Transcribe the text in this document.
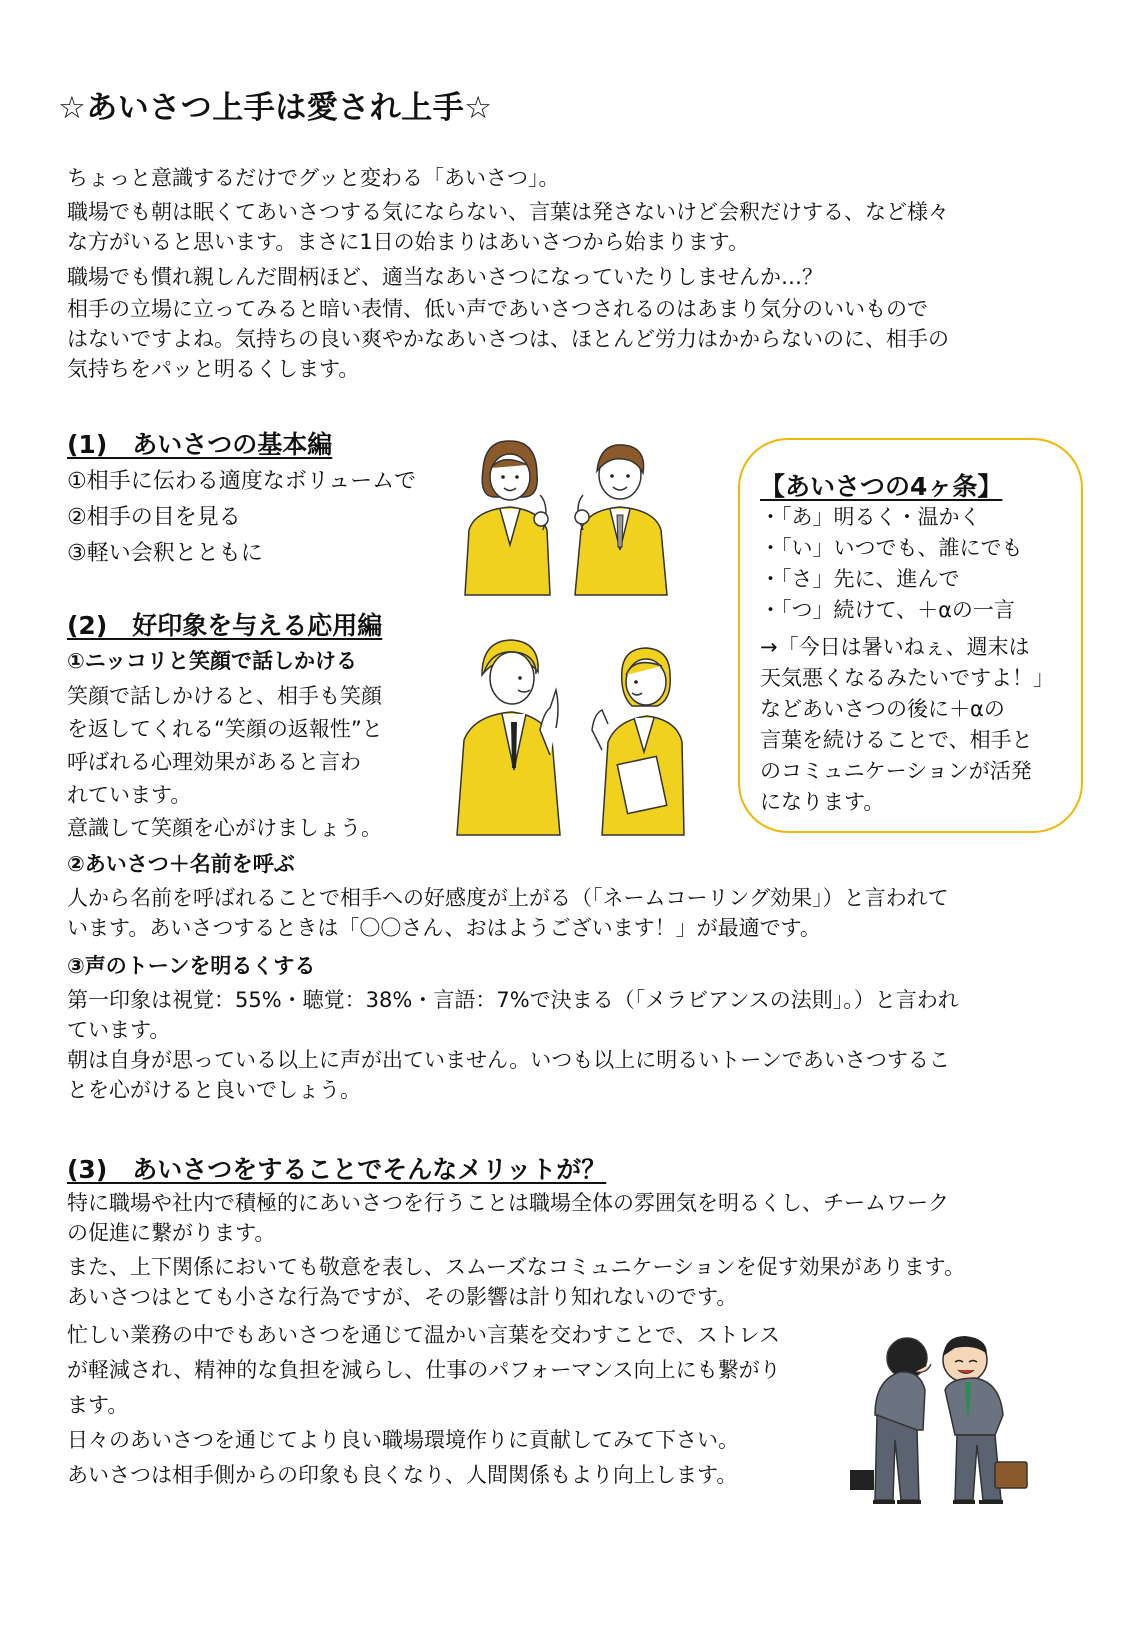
☆あいさつ上手は愛され上手☆
ちょっと意識するだけでグッと変わる「あいさつ」。
職場でも朝は眠くてあいさつする気にならない、言葉は発さないけど会釈だけする、など様々
な方がいると思います。まさに1日の始まりはあいさつから始まります。
職場でも慣れ親しんだ間柄ほど、適当なあいさつになっていたりしませんか…？
相手の立場に立ってみると暗い表情、低い声であいさつされるのはあまり気分のいいもので
はないですよね。気持ちの良い爽やかなあいさつは、ほとんど労力はかからないのに、相手の
気持ちをパッと明るくします。
(1)　あいさつの基本編
①相手に伝わる適度なボリュームで
②相手の目を見る
③軽い会釈とともに
【あいさつの4ヶ条】
・「あ」明るく・温かく
・「い」いつでも、誰にでも
・「さ」先に、進んで
・「つ」続けて、＋αの一言
→「今日は暑いねぇ、週末は
天気悪くなるみたいですよ！」
などあいさつの後に＋αの
言葉を続けることで、相手と
のコミュニケーションが活発
になります。
(2)　好印象を与える応用編
①ニッコリと笑顔で話しかける
笑顔で話しかけると、相手も笑顔
を返してくれる“笑顔の返報性”と
呼ばれる心理効果があると言わ
れています。
意識して笑顔を心がけましょう。
②あいさつ＋名前を呼ぶ
人から名前を呼ばれることで相手への好感度が上がる（「ネームコーリング効果」）と言われて
います。あいさつするときは「〇〇さん、おはようございます！」が最適です。
③声のトーンを明るくする
第一印象は視覚：55%・聴覚：38%・言語：7%で決まる（「メラビアンスの法則」。）と言われ
ています。
朝は自身が思っている以上に声が出ていません。いつも以上に明るいトーンであいさつするこ
とを心がけると良いでしょう。
(3)　あいさつをすることでそんなメリットが？
特に職場や社内で積極的にあいさつを行うことは職場全体の雰囲気を明るくし、チームワーク
の促進に繋がります。
また、上下関係においても敬意を表し、スムーズなコミュニケーションを促す効果があります。
あいさつはとても小さな行為ですが、その影響は計り知れないのです。
忙しい業務の中でもあいさつを通じて温かい言葉を交わすことで、ストレス
が軽減され、精神的な負担を減らし、仕事のパフォーマンス向上にも繋がり
ます。
日々のあいさつを通じてより良い職場環境作りに貢献してみて下さい。
あいさつは相手側からの印象も良くなり、人間関係もより向上します。
